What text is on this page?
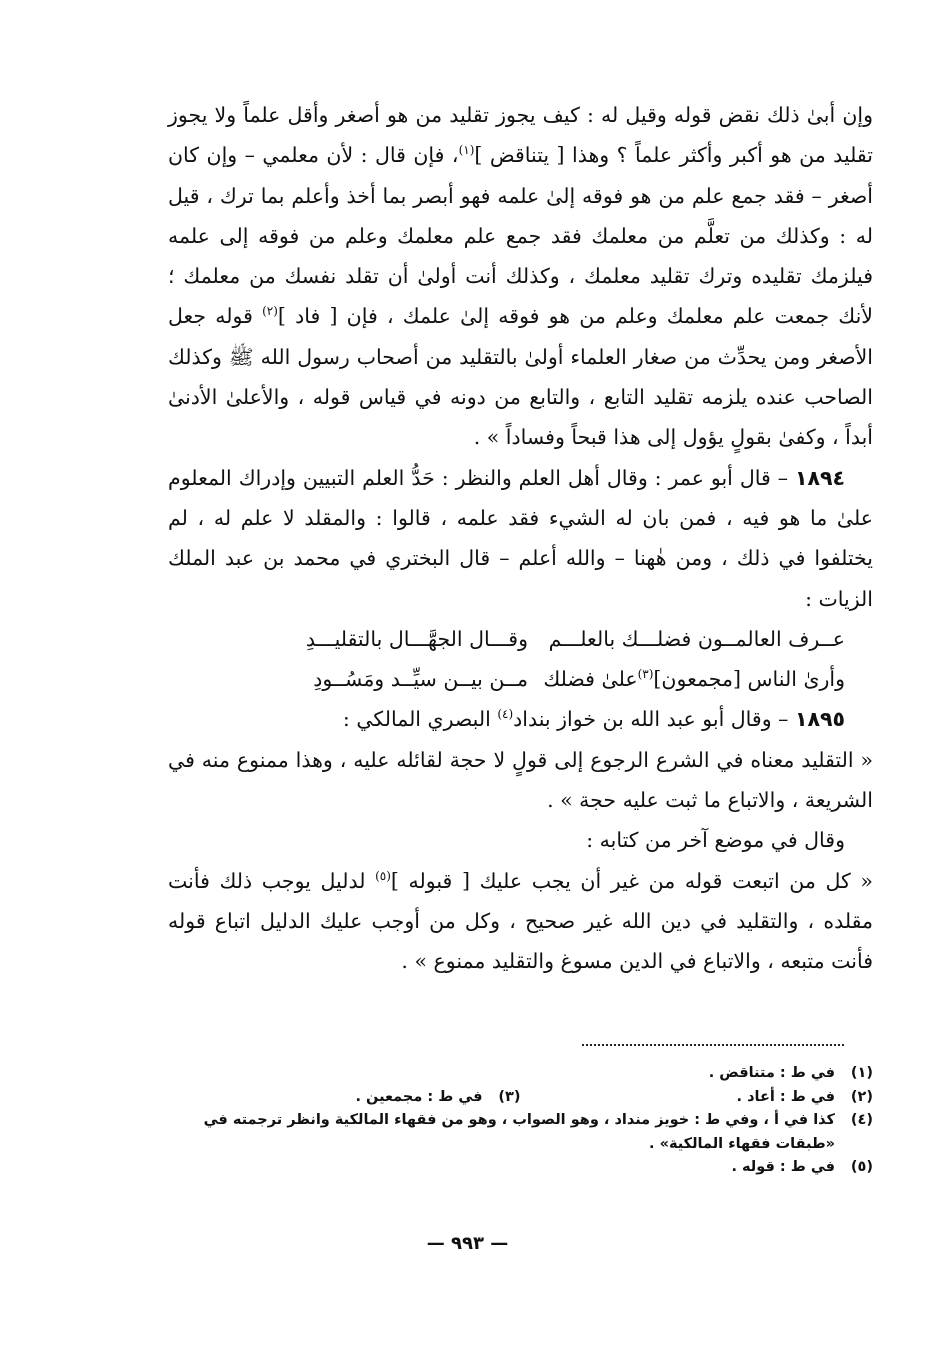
وإن أبىٰ ذلك نقض قوله وقيل له : كيف يجوز تقليد من هو أصغر وأقل علماً ولا يجوز تقليد من هو أكبر وأكثر علماً ؟ وهذا [ يتناقض ]$^{(١)}$، فإن قال : لأن معلمي – وإن كان أصغر – فقد جمع علم من هو فوقه إلىٰ علمه فهو أبصر بما أخذ وأعلم بما ترك ، قيل له : وكذلك من تعلَّم من معلمك فقد جمع علم معلمك وعلم من فوقه إلى علمه فيلزمك تقليده وترك تقليد معلمك ، وكذلك أنت أولىٰ أن تقلد نفسك من معلمك ؛ لأنك جمعت علم معلمك وعلم من هو فوقه إلىٰ علمك ، فإن [ فاد ]$^{(٢)}$ قوله جعل الأصغر ومن يحدِّث من صغار العلماء أولىٰ بالتقليد من أصحاب رسول الله ﷺ وكذلك الصاحب عنده يلزمه تقليد التابع ، والتابع من دونه في قياس قوله ، والأعلىٰ الأدنىٰ أبداً ، وكفىٰ بقولٍ يؤول إلى هذا قبحاً وفساداً » .

١٨٩٤ – قال أبو عمر : وقال أهل العلم والنظر : حَدُّ العلم التبيين وإدراك المعلوم علىٰ ما هو فيه ، فمن بان له الشيء فقد علمه ، قالوا : والمقلد لا علم له ، لم يختلفوا في ذلك ، ومن هٰهنا – والله أعلم – قال البختري في محمد بن عبد الملك الزيات :

عــرف العالمــون فضلـــك بالعلـــم
وقـــال الجهَّـــال بالتقليـــدِ
وأرىٰ الناس [مجمعون]$^{(٣)}$علىٰ فضلك
مــن بيــن سيِّــد ومَسُــودِ

١٨٩٥ – وقال أبو عبد الله بن خواز بنداد$^{(٤)}$ البصري المالكي :

« التقليد معناه في الشرع الرجوع إلى قولٍ لا حجة لقائله عليه ، وهذا ممنوع منه في الشريعة ، والاتباع ما ثبت عليه حجة » .

وقال في موضع آخر من كتابه :

« كل من اتبعت قوله من غير أن يجب عليك [ قبوله ]$^{(٥)}$ لدليل يوجب ذلك فأنت مقلده ، والتقليد في دين الله غير صحيح ، وكل من أوجب عليك الدليل اتباع قوله فأنت متبعه ، والاتباع في الدين مسوغ والتقليد ممنوع » .

(١)
في ط : متناقض .
(٢)
في ط : أعاد .
(٣)
في ط : مجمعين .
(٤)
كذا في أ ، وفي ط : خويز منداد ، وهو الصواب ، وهو من فقهاء المالكية وانظر ترجمته في «طبقات فقهاء المالكية» .
(٥)
في ط : قوله .
— ٩٩٣ —
